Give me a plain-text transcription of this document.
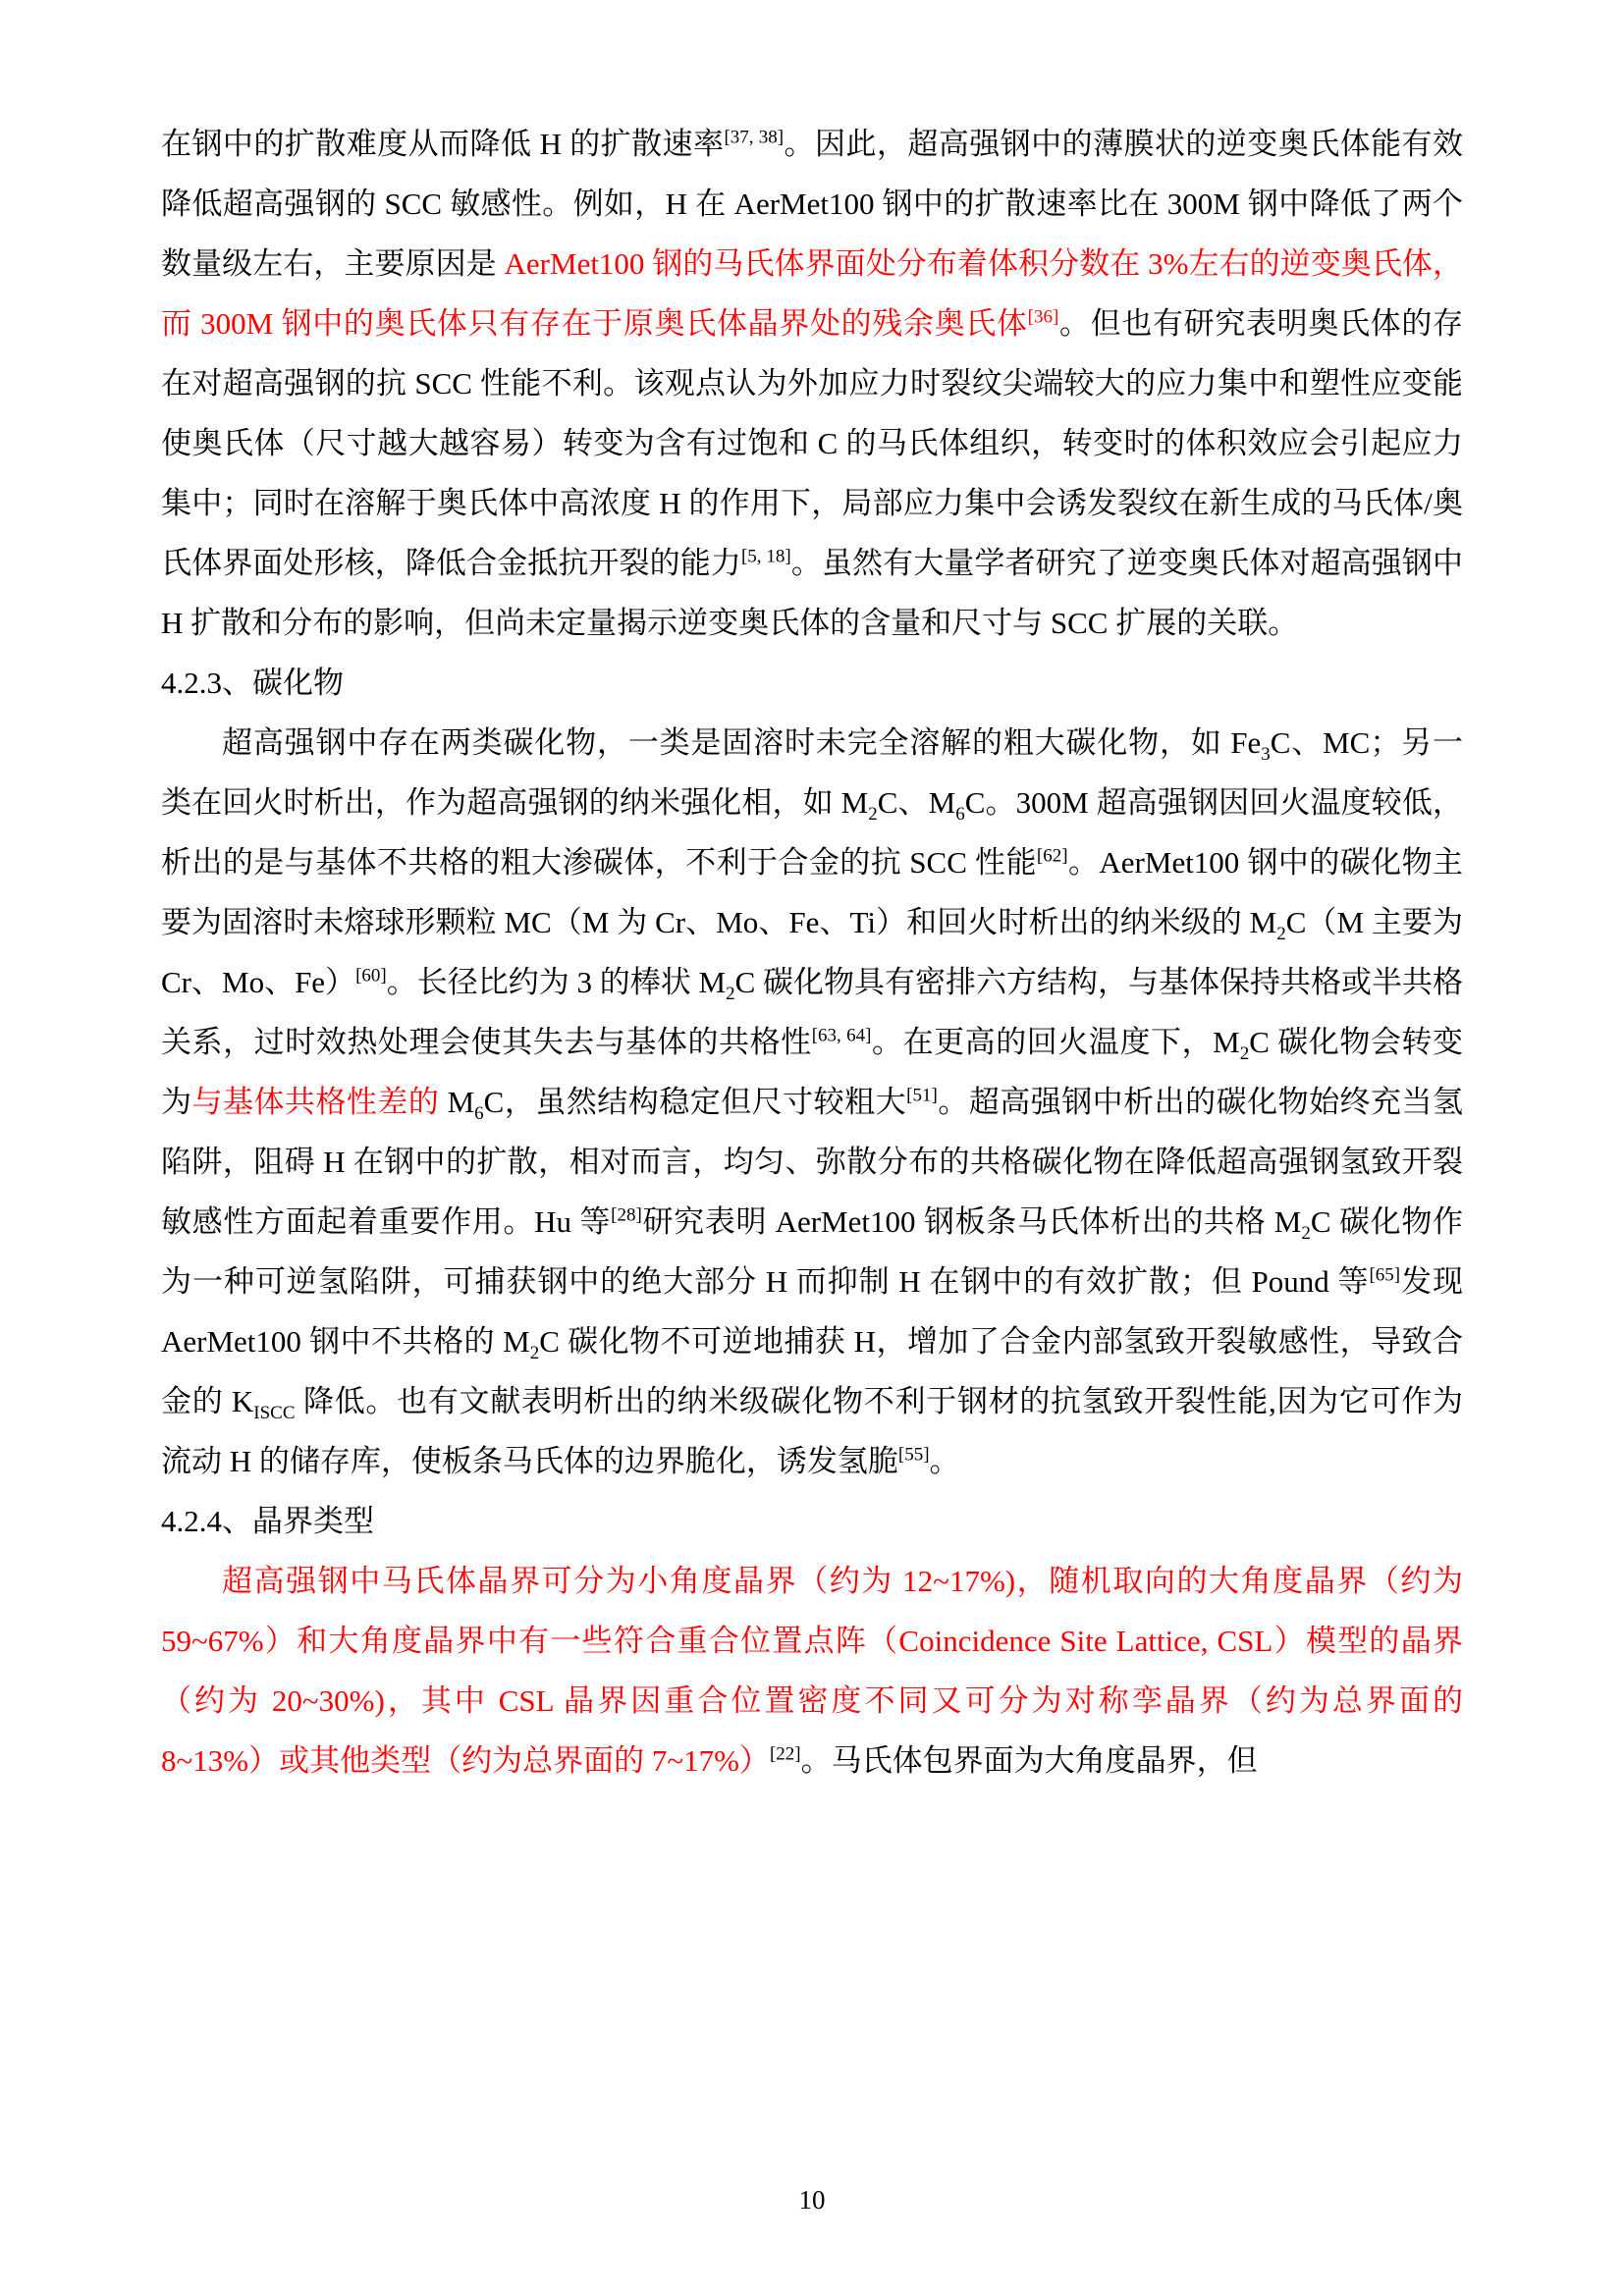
在钢中的扩散难度从而降低 H 的扩散速率[37, 38]。因此，超高强钢中的薄膜状的逆变奥氏体能有效降低超高强钢的 SCC 敏感性。例如，H 在 AerMet100 钢中的扩散速率比在 300M 钢中降低了两个数量级左右，主要原因是 AerMet100 钢的马氏体界面处分布着体积分数在 3%左右的逆变奥氏体，而 300M 钢中的奥氏体只有存在于原奥氏体晶界处的残余奥氏体[36]。但也有研究表明奥氏体的存在对超高强钢的抗 SCC 性能不利。该观点认为外加应力时裂纹尖端较大的应力集中和塑性应变能使奥氏体（尺寸越大越容易）转变为含有过饱和 C 的马氏体组织，转变时的体积效应会引起应力集中；同时在溶解于奥氏体中高浓度 H 的作用下，局部应力集中会诱发裂纹在新生成的马氏体/奥氏体界面处形核，降低合金抵抗开裂的能力[5, 18]。虽然有大量学者研究了逆变奥氏体对超高强钢中 H 扩散和分布的影响，但尚未定量揭示逆变奥氏体的含量和尺寸与 SCC 扩展的关联。

4.2.3、碳化物

超高强钢中存在两类碳化物，一类是固溶时未完全溶解的粗大碳化物，如 $Fe_3C$、MC；另一类在回火时析出，作为超高强钢的纳米强化相，如 $M_2C$、$M_6C$。300M 超高强钢因回火温度较低，析出的是与基体不共格的粗大渗碳体，不利于合金的抗 SCC 性能[62]。AerMet100 钢中的碳化物主要为固溶时未熔球形颗粒 MC（M 为 Cr、Mo、Fe、Ti）和回火时析出的纳米级的 $M_2C(M$ 主要为 Cr、Mo、Fe）[60]。长径比约为 3 的棒状 $M_2C$ 碳化物具有密排六方结构，与基体保持共格或半共格关系，过时效热处理会使其失去与基体的共格性[63, 64]。在更高的回火温度下，$M_2C$ 碳化物会转变为与基体共格性差的 $M_6C$，虽然结构稳定但尺寸较粗大[51]。超高强钢中析出的碳化物始终充当氢陷阱，阻碍 H 在钢中的扩散，相对而言，均匀、弥散分布的共格碳化物在降低超高强钢氢致开裂敏感性方面起着重要作用。Hu 等[28]研究表明 AerMet100 钢板条马氏体析出的共格 $M_2C$ 碳化物作为一种可逆氢陷阱，可捕获钢中的绝大部分 H 而抑制 H 在钢中的有效扩散；但 Pound 等[65]发现 AerMet100 钢中不共格的 $M_2C$ 碳化物不可逆地捕获 H，增加了合金内部氢致开裂敏感性，导致合金的 $K_{ISCC}$ 降低。也有文献表明析出的纳米级碳化物不利于钢材的抗氢致开裂性能,因为它可作为流动 H 的储存库，使板条马氏体的边界脆化，诱发氢脆[55]。

4.2.4、晶界类型

超高强钢中马氏体晶界可分为小角度晶界（约为 12~17%)，随机取向的大角度晶界（约为 59~67%）和大角度晶界中有一些符合重合位置点阵（Coincidence Site Lattice, CSL）模型的晶界（约为 20~30%)，其中 CSL 晶界因重合位置密度不同又可分为对称孪晶界（约为总界面的 8~13%）或其他类型（约为总界面的 7~17%）[22]。马氏体包界面为大角度晶界，但

10
